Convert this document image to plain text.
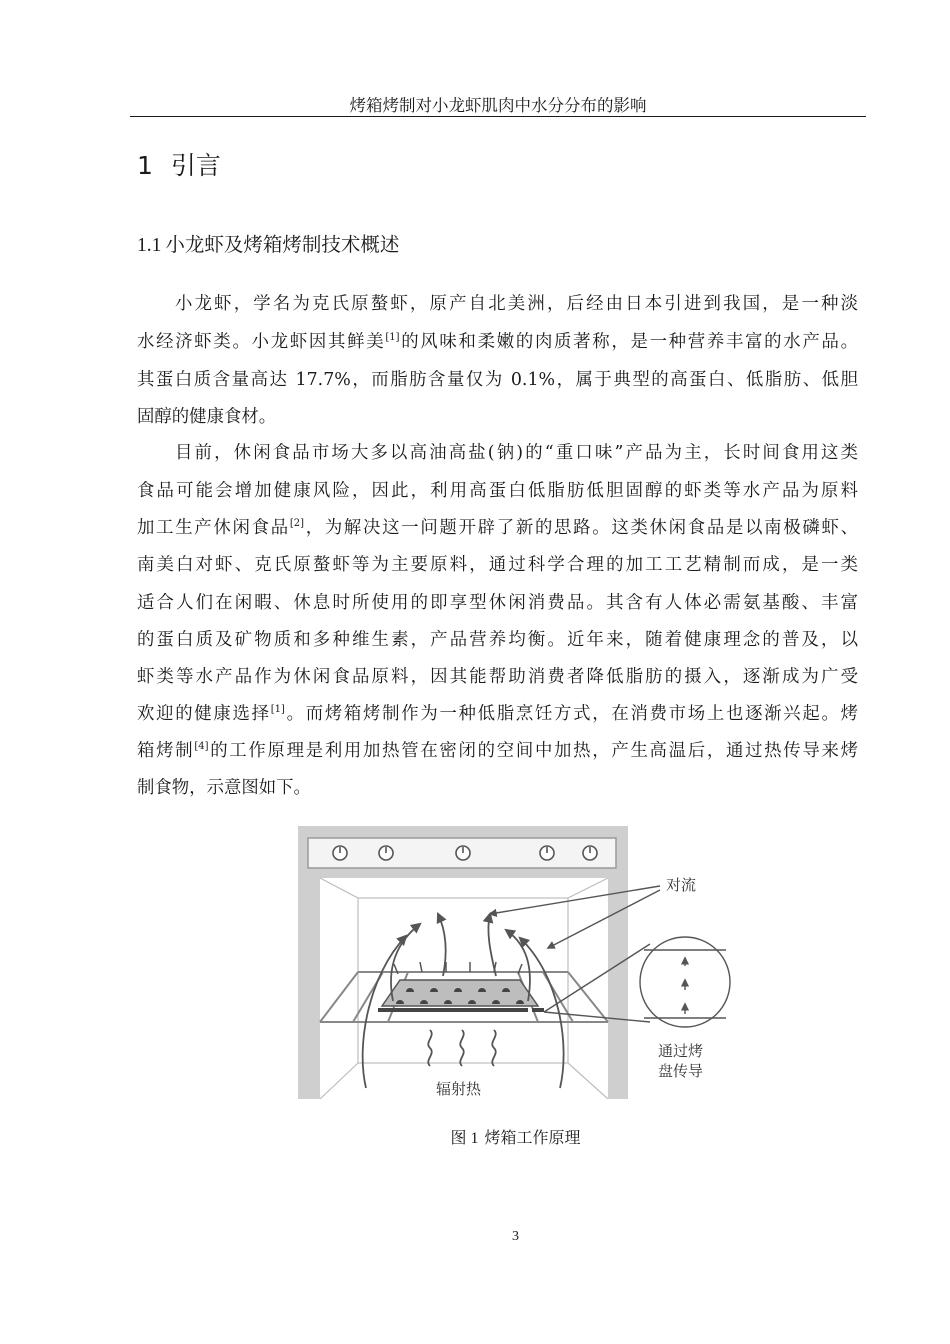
烤箱烤制对小龙虾肌肉中水分分布的影响
1 引言
1.1 小龙虾及烤箱烤制技术概述
小龙虾，学名为克氏原螯虾，原产自北美洲，后经由日本引进到我国，是一种淡
水经济虾类。小龙虾因其鲜美[1]的风味和柔嫩的肉质著称，是一种营养丰富的水产品。
其蛋白质含量高达 17.7%，而脂肪含量仅为 0.1%，属于典型的高蛋白、低脂肪、低胆
固醇的健康食材。
目前，休闲食品市场大多以高油高盐(钠)的“重口味”产品为主，长时间食用这类
食品可能会增加健康风险，因此，利用高蛋白低脂肪低胆固醇的虾类等水产品为原料
加工生产休闲食品[2]，为解决这一问题开辟了新的思路。这类休闲食品是以南极磷虾、
南美白对虾、克氏原螯虾等为主要原料，通过科学合理的加工工艺精制而成，是一类
适合人们在闲暇、休息时所使用的即享型休闲消费品。其含有人体必需氨基酸、丰富
的蛋白质及矿物质和多种维生素，产品营养均衡。近年来，随着健康理念的普及，以
虾类等水产品作为休闲食品原料，因其能帮助消费者降低脂肪的摄入，逐渐成为广受
欢迎的健康选择[1]。而烤箱烤制作为一种低脂烹饪方式，在消费市场上也逐渐兴起。烤
箱烤制[4]的工作原理是利用加热管在密闭的空间中加热，产生高温后，通过热传导来烤
制食物，示意图如下。
对流
通过烤
盘传导
辐射热
图 1 烤箱工作原理
3
